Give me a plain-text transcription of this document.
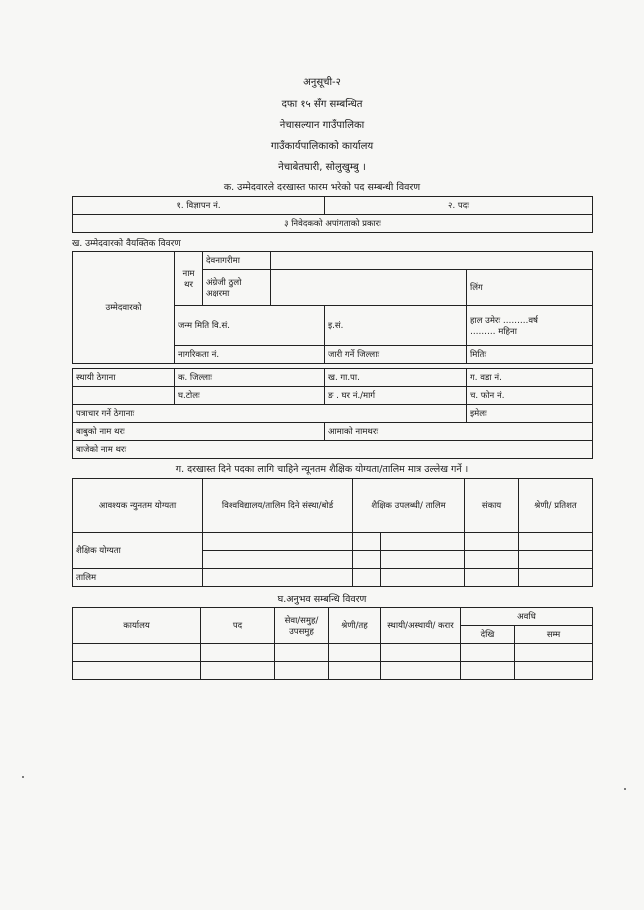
अनुसूची-२
दफा १५ सँग सम्बन्धित
नेचासल्यान गाउँपालिका
गाउँकार्यपालिकाको कार्यालय
नेचाबेतघारी, सोलुखुम्बु ।
क. उम्मेदवारले दरखास्त फारम भरेको पद सम्बन्धी विवरण
१. विज्ञापन नं.	२. पदः
३ निवेदकको अपांगताको प्रकारः
ख. उम्मेदवारको वैयक्तिक विवरण
उम्मेदवारको	नाम थर	देवनागरीमा			
		अंग्रेजी ठुलो अक्षरमा			लिंग
	जन्म मिति वि.सं.			इ.सं.	हाल उमेरः ………वर्ष
……… महिना

	नागरिकता नं.			जारी गर्ने जिल्लाः	मितिः
स्थायी ठेगाना	क. जिल्लाः	ख. गा.पा.	ग. वडा नं.
	घ.टोलः	ङ . घर नं./मार्ग	च. फोन नं.
पत्राचार गर्ने ठेगानाः			इमेलः
बाबुको नाम थरः		आमाको नामथरः	
बाजेको नाम थरः			
ग. दरखास्त दिने पदका लागि चाहिने न्यूनतम शैक्षिक योग्यता/तालिम मात्र उल्लेख गर्ने ।
आवश्यक न्युनतम योग्यता	विश्वविद्यालय/तालिम दिने संस्था/बोर्ड	शैक्षिक उपलब्धी/ तालिम	संकाय	श्रेणी/ प्रतिशत
शैक्षिक योग्यता					

तालिम					
घ.अनुभव सम्बन्धि विवरण
कार्यालय	पद	सेवा/समुह/ उपसमुह	श्रेणी/तह	स्थायी/अस्थायी/ करार	अवधि	
					देखि	सम्म
